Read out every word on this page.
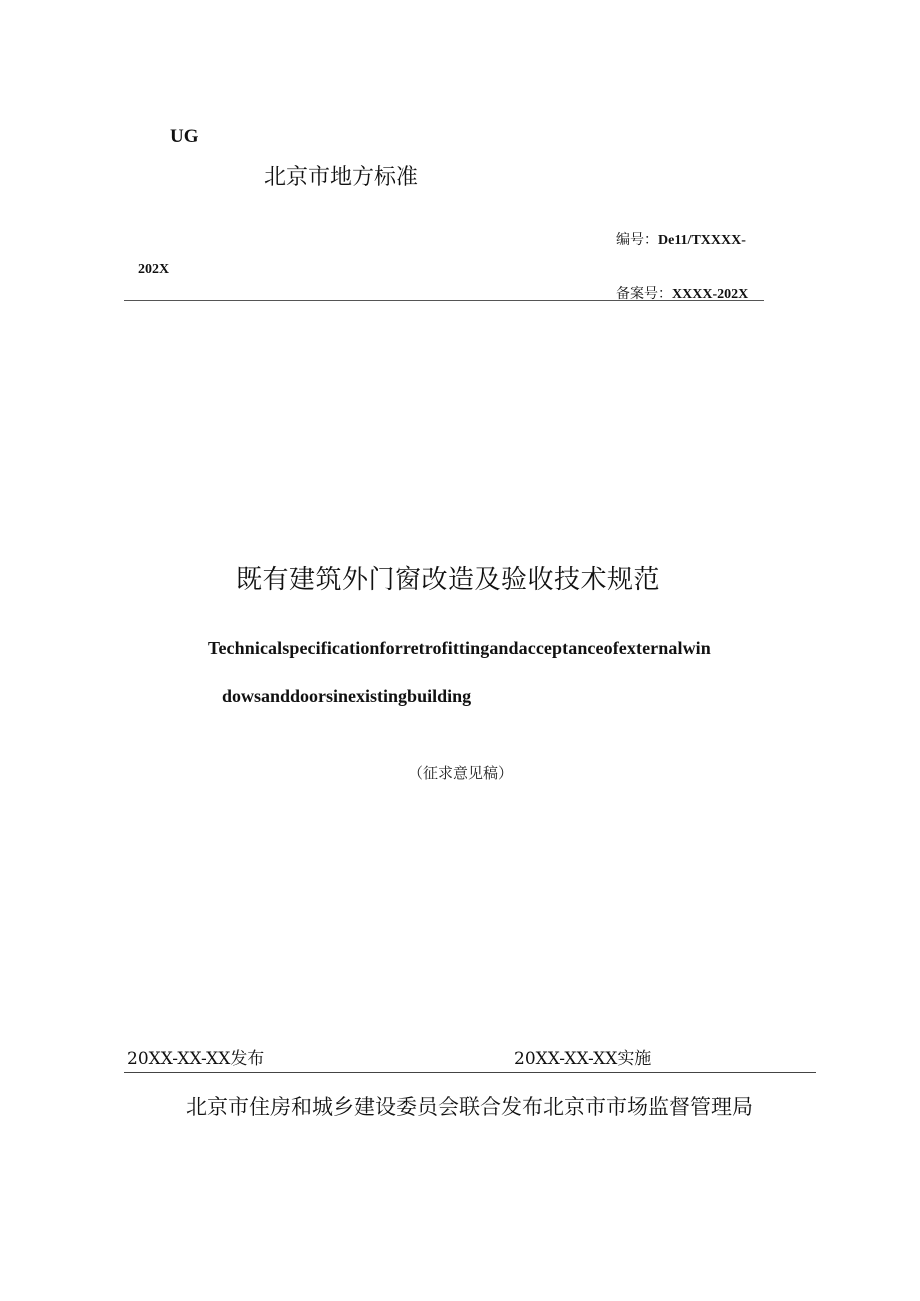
UG
北京市地方标准
编号：De11/TXXXX-
202X
备案号：XXXX-202X
既有建筑外门窗改造及验收技术规范
Technicalspecificationforretrofittingandacceptanceofexternalwin
dowsanddoorsinexistingbuilding
（征求意见稿）
20XX-XX-XX发布	20XX-XX-XX实施
北京市住房和城乡建设委员会联合发布北京市市场监督管理局
